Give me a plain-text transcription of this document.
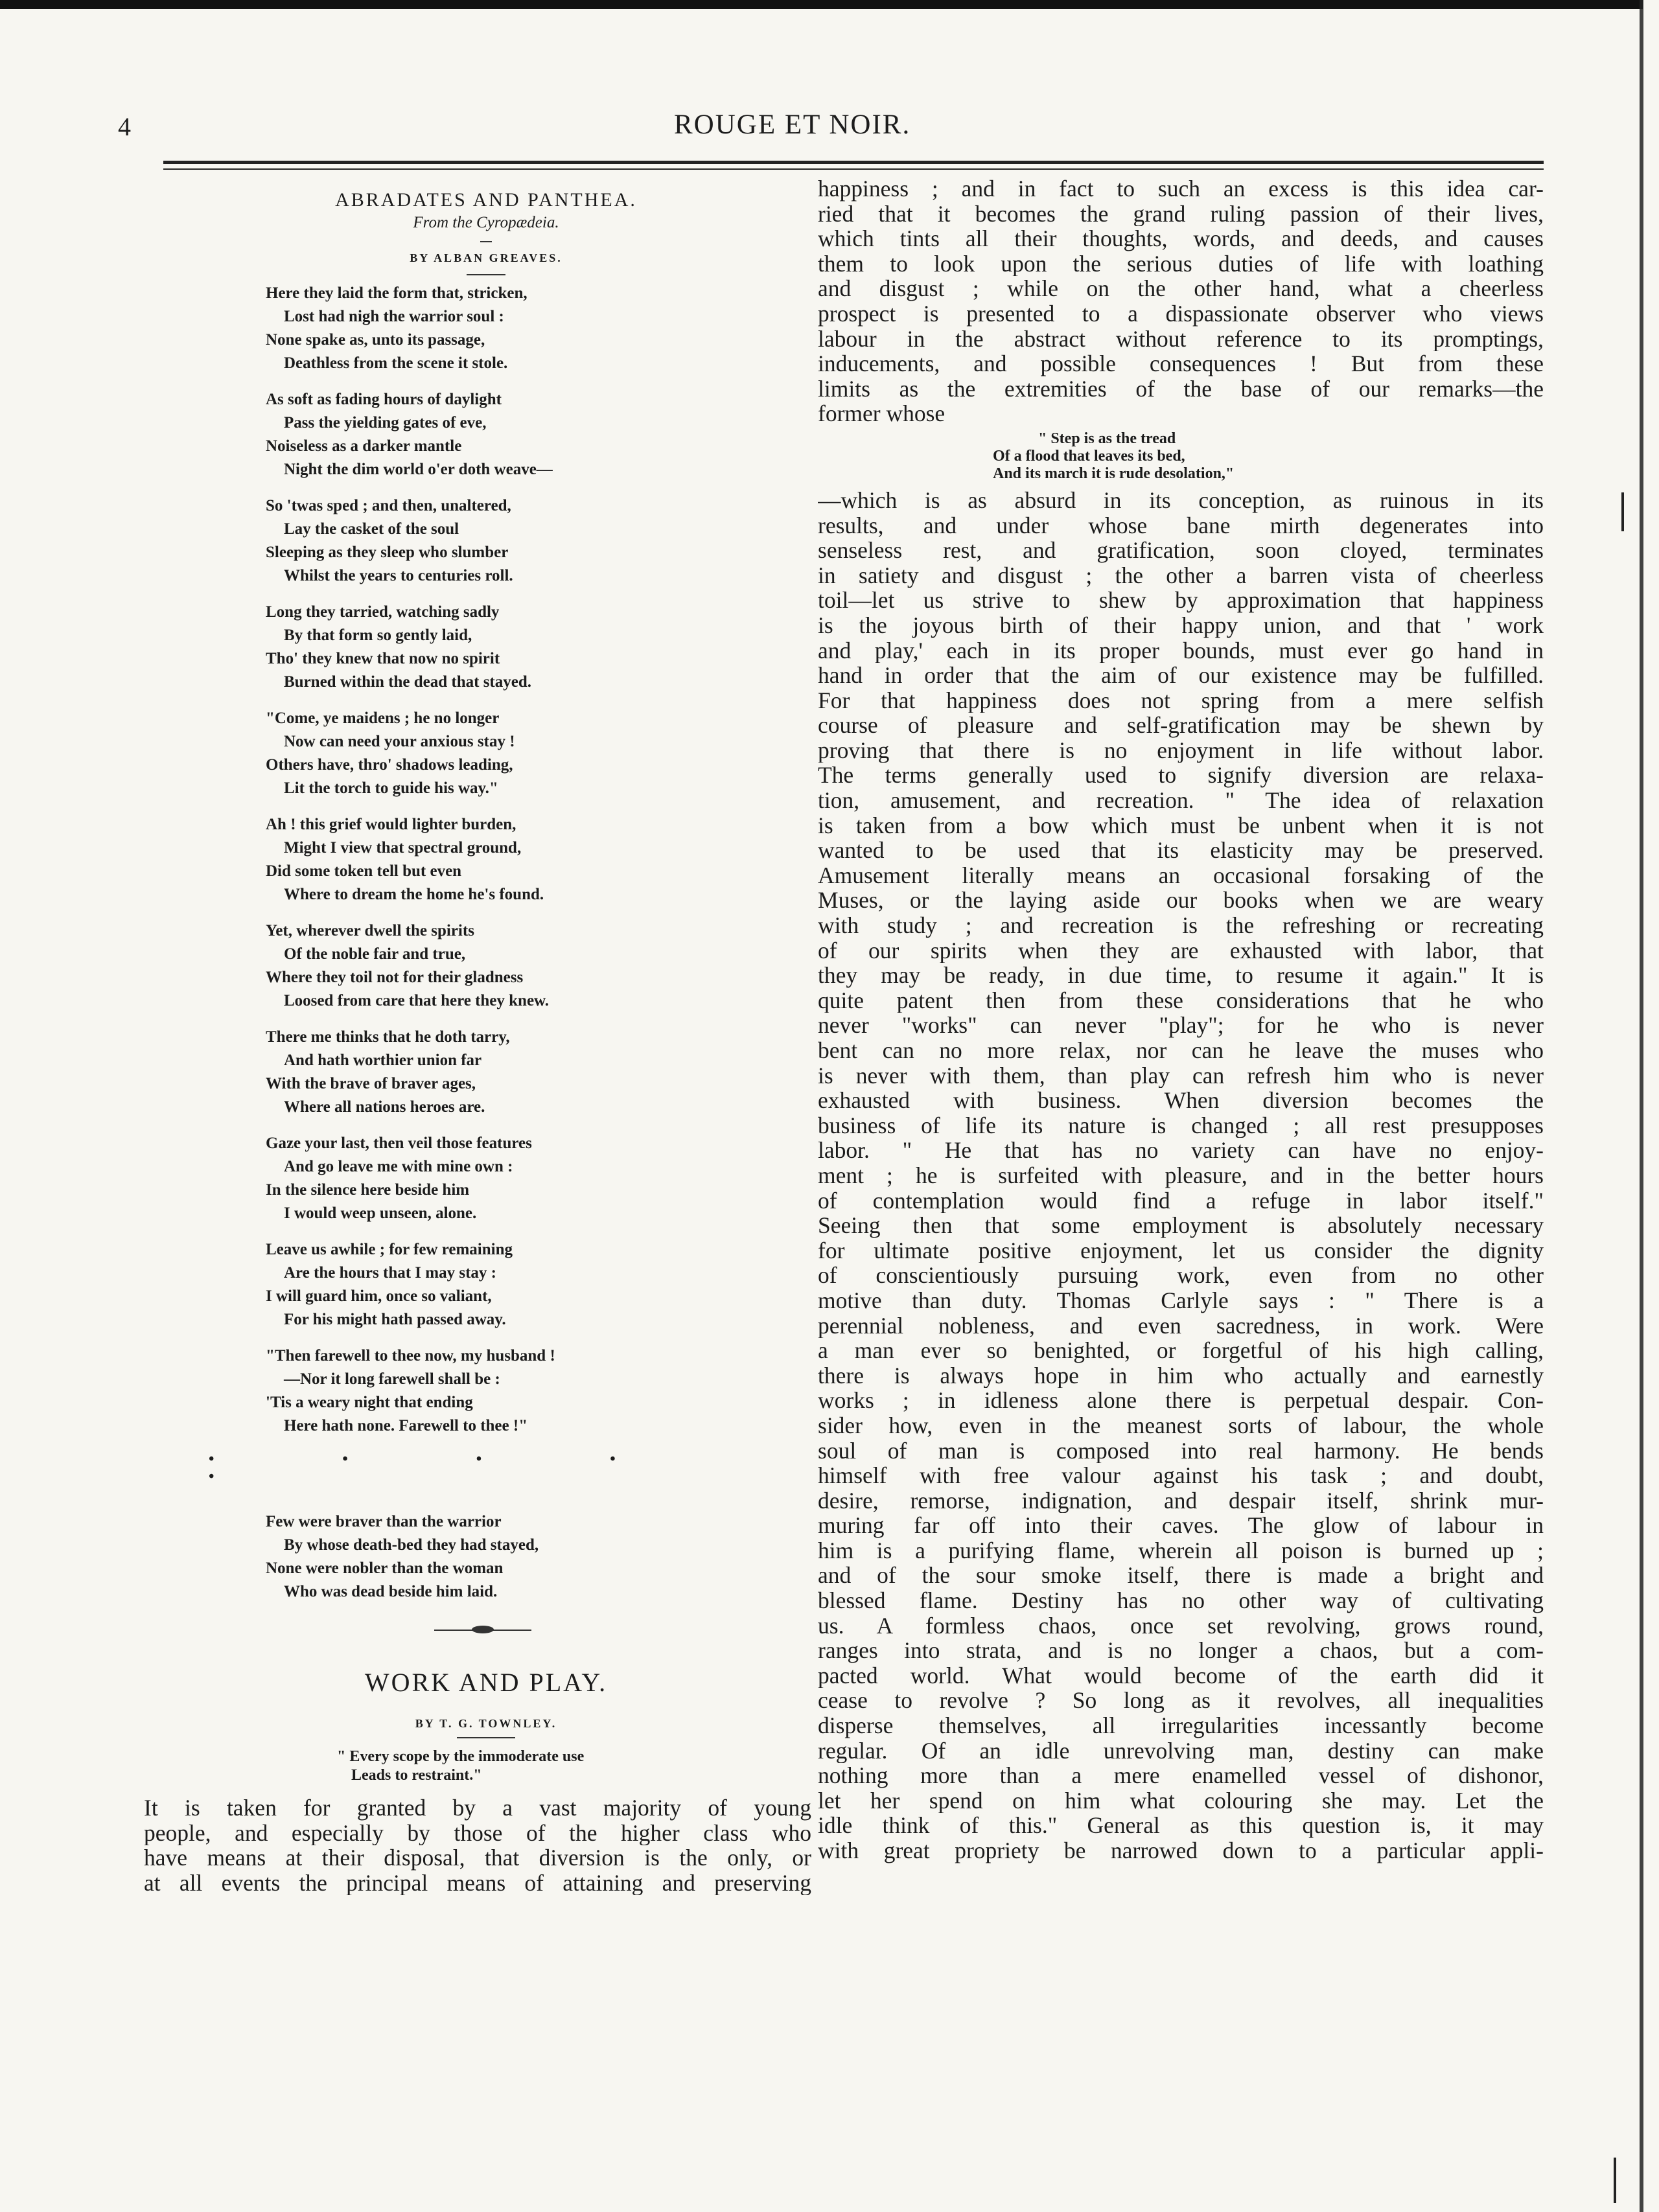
4	ROUGE ET NOIR.
ABRADATES AND PANTHEA.
From the Cyropædeia.
BY ALBAN GREAVES.
Here they laid the form that, stricken,
Lost had nigh the warrior soul :
None spake as, unto its passage,
Deathless from the scene it stole.
As soft as fading hours of daylight
Pass the yielding gates of eve,
Noiseless as a darker mantle
Night the dim world o'er doth weave—
So 'twas sped ; and then, unaltered,
Lay the casket of the soul
Sleeping as they sleep who slumber
Whilst the years to centuries roll.
Long they tarried, watching sadly
By that form so gently laid,
Tho' they knew that now no spirit
Burned within the dead that stayed.
"Come, ye maidens ; he no longer
Now can need your anxious stay !
Others have, thro' shadows leading,
Lit the torch to guide his way."
Ah ! this grief would lighter burden,
Might I view that spectral ground,
Did some token tell but even
Where to dream the home he's found.
Yet, wherever dwell the spirits
Of the noble fair and true,
Where they toil not for their gladness
Loosed from care that here they knew.
There me thinks that he doth tarry,
And hath worthier union far
With the brave of braver ages,
Where all nations heroes are.
Gaze your last, then veil those features
And go leave me with mine own :
In the silence here beside him
I would weep unseen, alone.
Leave us awhile ; for few remaining
Are the hours that I may stay :
I will guard him, once so valiant,
For his might hath passed away.
"Then farewell to thee now, my husband !
—Nor it long farewell shall be :
'Tis a weary night that ending
Here hath none. Farewell to thee !"
• • • • •
Few were braver than the warrior
By whose death-bed they had stayed,
None were nobler than the woman
Who was dead beside him laid.
WORK AND PLAY.
BY T. G. TOWNLEY.
" Every scope by the immoderate use
Leads to restraint."
It is taken for granted by a vast majority of young
people, and especially by those of the higher class who
have means at their disposal, that diversion is the only, or
at all events the principal means of attaining and preserving
happiness ; and in fact to such an excess is this idea car-
ried that it becomes the grand ruling passion of their lives,
which tints all their thoughts, words, and deeds, and causes
them to look upon the serious duties of life with loathing
and disgust ; while on the other hand, what a cheerless
prospect is presented to a dispassionate observer who views
labour in the abstract without reference to its promptings,
inducements, and possible consequences ! But from these
limits as the extremities of the base of our remarks—the
former whose
" Step is as the tread
Of a flood that leaves its bed,
And its march it is rude desolation,"
—which is as absurd in its conception, as ruinous in its
results, and under whose bane mirth degenerates into
senseless rest, and gratification, soon cloyed, terminates
in satiety and disgust ; the other a barren vista of cheerless
toil—let us strive to shew by approximation that happiness
is the joyous birth of their happy union, and that ' work
and play,' each in its proper bounds, must ever go hand in
hand in order that the aim of our existence may be fulfilled.
For that happiness does not spring from a mere selfish
course of pleasure and self-gratification may be shewn by
proving that there is no enjoyment in life without labor.
The terms generally used to signify diversion are relaxa-
tion, amusement, and recreation. " The idea of relaxation
is taken from a bow which must be unbent when it is not
wanted to be used that its elasticity may be preserved.
Amusement literally means an occasional forsaking of the
Muses, or the laying aside our books when we are weary
with study ; and recreation is the refreshing or recreating
of our spirits when they are exhausted with labor, that
they may be ready, in due time, to resume it again." It is
quite patent then from these considerations that he who
never "works" can never "play"; for he who is never
bent can no more relax, nor can he leave the muses who
is never with them, than play can refresh him who is never
exhausted with business. When diversion becomes the
business of life its nature is changed ; all rest presupposes
labor. " He that has no variety can have no enjoy-
ment ; he is surfeited with pleasure, and in the better hours
of contemplation would find a refuge in labor itself."
Seeing then that some employment is absolutely necessary
for ultimate positive enjoyment, let us consider the dignity
of conscientiously pursuing work, even from no other
motive than duty. Thomas Carlyle says : " There is a
perennial nobleness, and even sacredness, in work. Were
a man ever so benighted, or forgetful of his high calling,
there is always hope in him who actually and earnestly
works ; in idleness alone there is perpetual despair. Con-
sider how, even in the meanest sorts of labour, the whole
soul of man is composed into real harmony. He bends
himself with free valour against his task ; and doubt,
desire, remorse, indignation, and despair itself, shrink mur-
muring far off into their caves. The glow of labour in
him is a purifying flame, wherein all poison is burned up ;
and of the sour smoke itself, there is made a bright and
blessed flame. Destiny has no other way of cultivating
us. A formless chaos, once set revolving, grows round,
ranges into strata, and is no longer a chaos, but a com-
pacted world. What would become of the earth did it
cease to revolve ? So long as it revolves, all inequalities
disperse themselves, all irregularities incessantly become
regular. Of an idle unrevolving man, destiny can make
nothing more than a mere enamelled vessel of dishonor,
let her spend on him what colouring she may. Let the
idle think of this." General as this question is, it may
with great propriety be narrowed down to a particular appli-
